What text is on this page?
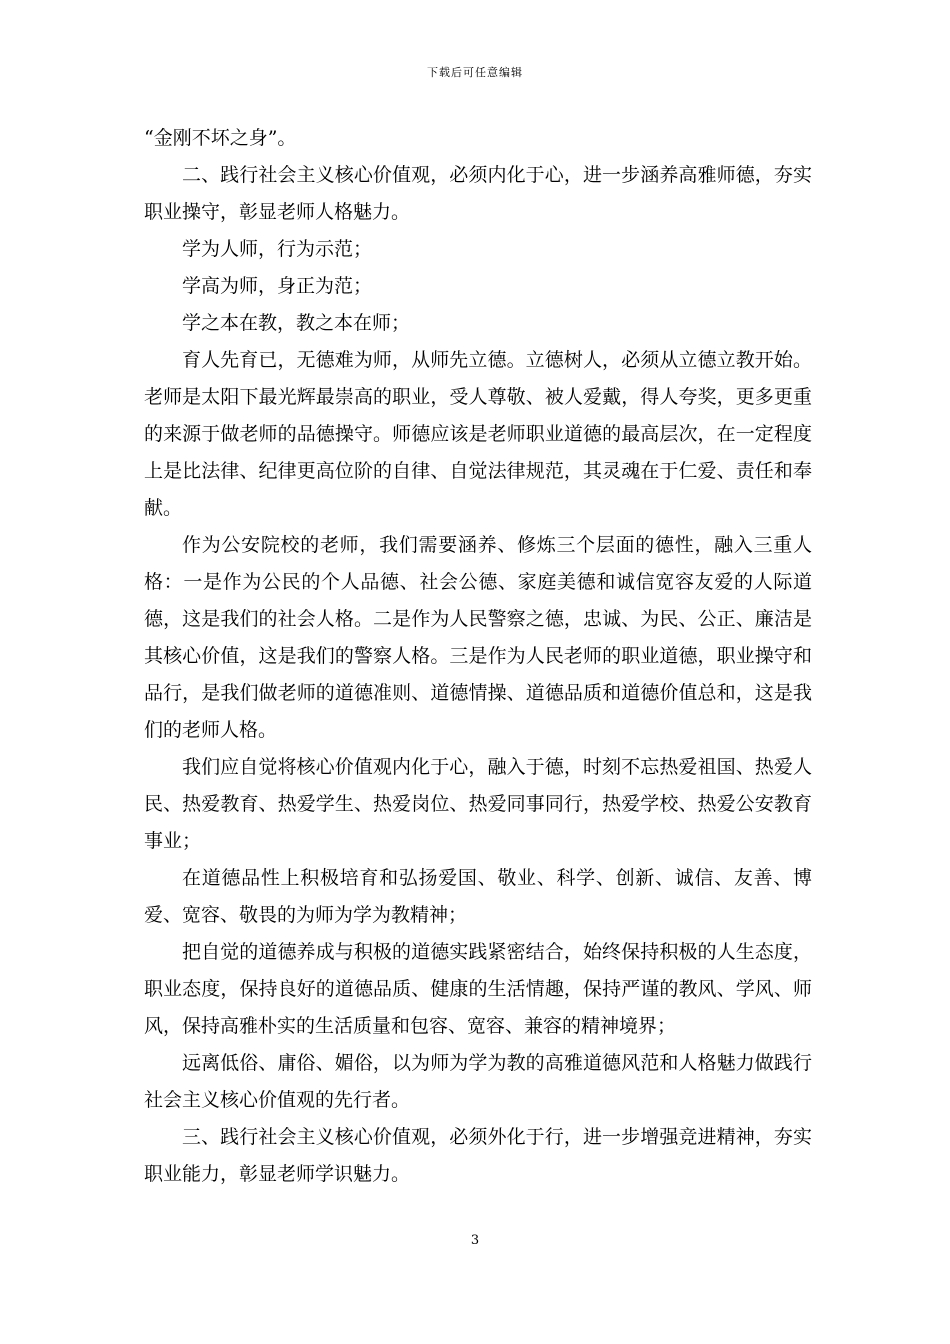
下载后可任意编辑

“金刚不坏之身”。

二、践行社会主义核心价值观，必须内化于心，进一步涵养高雅师德，夯实职业操守，彰显老师人格魅力。

学为人师，行为示范；

学高为师，身正为范；

学之本在教，教之本在师；

育人先育已，无德难为师，从师先立德。立德树人，必须从立德立教开始。老师是太阳下最光辉最崇高的职业，受人尊敬、被人爱戴，得人夸奖，更多更重的来源于做老师的品德操守。师德应该是老师职业道德的最高层次，在一定程度上是比法律、纪律更高位阶的自律、自觉法律规范，其灵魂在于仁爱、责任和奉献。

作为公安院校的老师，我们需要涵养、修炼三个层面的德性，融入三重人格：一是作为公民的个人品德、社会公德、家庭美德和诚信宽容友爱的人际道德，这是我们的社会人格。二是作为人民警察之德，忠诚、为民、公正、廉洁是其核心价值，这是我们的警察人格。三是作为人民老师的职业道德，职业操守和品行，是我们做老师的道德准则、道德情操、道德品质和道德价值总和，这是我们的老师人格。

我们应自觉将核心价值观内化于心，融入于德，时刻不忘热爱祖国、热爱人民、热爱教育、热爱学生、热爱岗位、热爱同事同行，热爱学校、热爱公安教育事业；

在道德品性上积极培育和弘扬爱国、敬业、科学、创新、诚信、友善、博爱、宽容、敬畏的为师为学为教精神；

把自觉的道德养成与积极的道德实践紧密结合，始终保持积极的人生态度，职业态度，保持良好的道德品质、健康的生活情趣，保持严谨的教风、学风、师风，保持高雅朴实的生活质量和包容、宽容、兼容的精神境界；

远离低俗、庸俗、媚俗，以为师为学为教的高雅道德风范和人格魅力做践行社会主义核心价值观的先行者。

三、践行社会主义核心价值观，必须外化于行，进一步增强竞进精神，夯实职业能力，彰显老师学识魅力。

3
